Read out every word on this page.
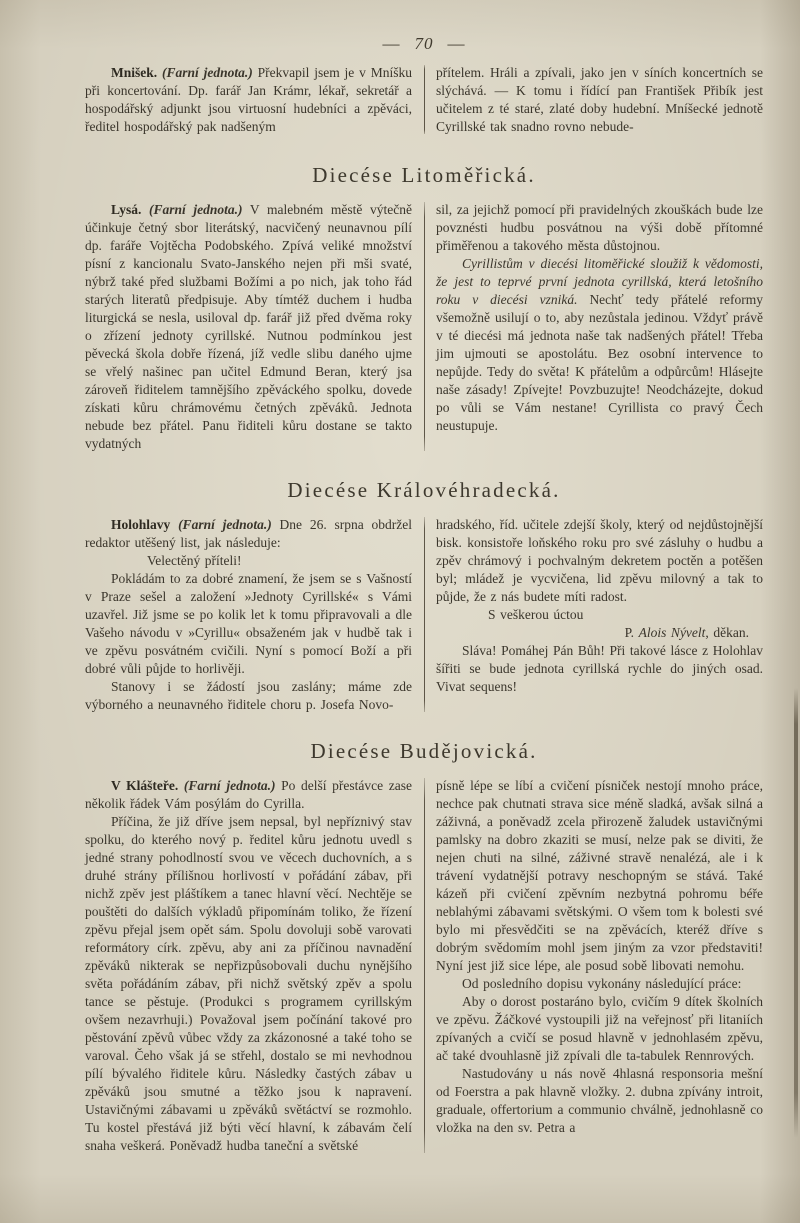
— 70 —

Mnišek. (Farní jednota.) Překvapil jsem je v Mníšku při koncertování. Dp. farář Jan Krámr, lékař, sekretář a hospodářský adjunkt jsou virtuosní hudebníci a zpěváci, ředitel hospodářský pak nadšeným

přítelem. Hráli a zpívali, jako jen v síních koncertních se slýchává. — K tomu i řídící pan František Přibík jest učitelem z té staré, zlaté doby hudební. Mníšecké jednotě Cyrillské tak snadno rovno nebude-

Diecése Litoměřická.

Lysá. (Farní jednota.) V malebném městě výtečně účinkuje četný sbor literátský, nacvičený neunavnou pílí dp. faráře Vojtěcha Podobského. Zpívá veliké množství písní z kancionalu Svato-Janského nejen při mši svaté, nýbrž také před službami Božími a po nich, jak toho řád starých literatů předpisuje. Aby tímtéž duchem i hudba liturgická se nesla, usiloval dp. farář již před dvěma roky o zřízení jednoty cyrillské. Nutnou podmínkou jest pěvecká škola dobře řízená, jíž vedle slibu daného ujme se vřelý našinec pan učitel Edmund Beran, který jsa zároveň řiditelem tamnějšího zpěváckého spolku, dovede získati kůru chrámovému četných zpěváků. Jednota nebude bez přátel. Panu řiditeli kůru dostane se takto vydatných

sil, za jejichž pomocí při pravidelných zkouškách bude lze povznésti hudbu posvátnou na výši době přítomné přiměřenou a takového města důstojnou.

Cyrillistům v diecési litoměřické sloužiž k vědomosti, že jest to teprvé první jednota cyrillská, která letošního roku v diecési vzniká. Nechť tedy přátelé reformy všemožně usilují o to, aby nezůstala jedinou. Vždyť právě v té diecési má jednota naše tak nadšených přátel! Třeba jim ujmouti se apostolátu. Bez osobní intervence to nepůjde. Tedy do světa! K přátelům a odpůrcům! Hlásejte naše zásady! Zpívejte! Povzbuzujte! Neodcházejte, dokud po vůli se Vám nestane! Cyrillista co pravý Čech neustupuje.

Diecése Královéhradecká.

Holohlavy (Farní jednota.) Dne 26. srpna obdržel redaktor utěšený list, jak následuje:

Velectěný příteli!

Pokládám to za dobré znamení, že jsem se s Vašností v Praze sešel a založení »Jednoty Cyrillské« s Vámi uzavřel. Již jsme se po kolik let k tomu připravovali a dle Vašeho návodu v »Cyrillu« obsaženém jak v hudbě tak i ve zpěvu posvátném cvičili. Nyní s pomocí Boží a při dobré vůli půjde to horlivěji.

Stanovy i se žádostí jsou zaslány; máme zde výborného a neunavného řiditele choru p. Josefa Novo-

hradského, říd. učitele zdejší školy, který od nejdůstojnější bisk. konsistoře loňského roku pro své zásluhy o hudbu a zpěv chrámový i pochvalným dekretem poctěn a potěšen byl; mládež je vycvičena, lid zpěvu milovný a tak to půjde, že z nás budete míti radost.

S veškerou úctou

P. Alois Nývelt, děkan.

Sláva! Pomáhej Pán Bůh! Při takové lásce z Holohlav šířiti se bude jednota cyrillská rychle do jiných osad. Vivat sequens!

Diecése Budějovická.

V Klášteře. (Farní jednota.) Po delší přestávce zase několik řádek Vám posýlám do Cyrilla.

Příčina, že již dříve jsem nepsal, byl nepříznivý stav spolku, do kterého nový p. ředitel kůru jednotu uvedl s jedné strany pohodlností svou ve věcech duchovních, a s druhé strány přílišnou horlivostí v pořádání zábav, při nichž zpěv jest pláštíkem a tanec hlavní věcí. Nechtěje se pouštěti do dalších výkladů připomínám toliko, že řízení zpěvu přejal jsem opět sám. Spolu dovoluji sobě varovati reformátory círk. zpěvu, aby ani za příčinou navnadění zpěváků nikterak se nepřizpůsobovali duchu nynějšího světa pořádáním zábav, při nichž světský zpěv a spolu tance se pěstuje. (Produkci s programem cyrillským ovšem nezavrhuji.) Považoval jsem počínání takové pro pěstování zpěvů vůbec vždy za zkázonosné a také toho se varoval. Čeho však já se střehl, dostalo se mi nevhodnou pílí bývalého řiditele kůru. Následky častých zábav u zpěváků jsou smutné a těžko jsou k napravení. Ustavičnými zábavami u zpěváků světáctví se rozmohlo. Tu kostel přestává již býti věcí hlavní, k zábavám čelí snaha veškerá. Poněvadž hudba taneční a světské

písně lépe se líbí a cvičení písniček nestojí mnoho práce, nechce pak chutnati strava sice méně sladká, avšak silná a záživná, a poněvadž zcela přirozeně žaludek ustavičnými pamlsky na dobro zkaziti se musí, nelze pak se diviti, že nejen chuti na silné, záživné stravě nenalézá, ale i k trávení vydatnější potravy neschopným se stává. Také kázeň při cvičení zpěvním nezbytná pohromu béře neblahými zábavami světskými. O všem tom k bolesti své bylo mi přesvědčiti se na zpěvácích, kteréž dříve s dobrým svědomím mohl jsem jiným za vzor představiti! Nyní jest již sice lépe, ale posud sobě libovati nemohu.

Od posledního dopisu vykonány následující práce:

Aby o dorost postaráno bylo, cvičím 9 dítek školních ve zpěvu. Žáčkové vystoupili již na veřejnosť při litaniích zpívaných a cvičí se posud hlavně v jednohlasém zpěvu, ač také dvouhlasně již zpívali dle ta-tabulek Rennrových.

Nastudovány u nás nově 4hlasná responsoria mešní od Foerstra a pak hlavně vložky. 2. dubna zpívány introit, graduale, offertorium a communio chválně, jednohlasně co vložka na den sv. Petra a
